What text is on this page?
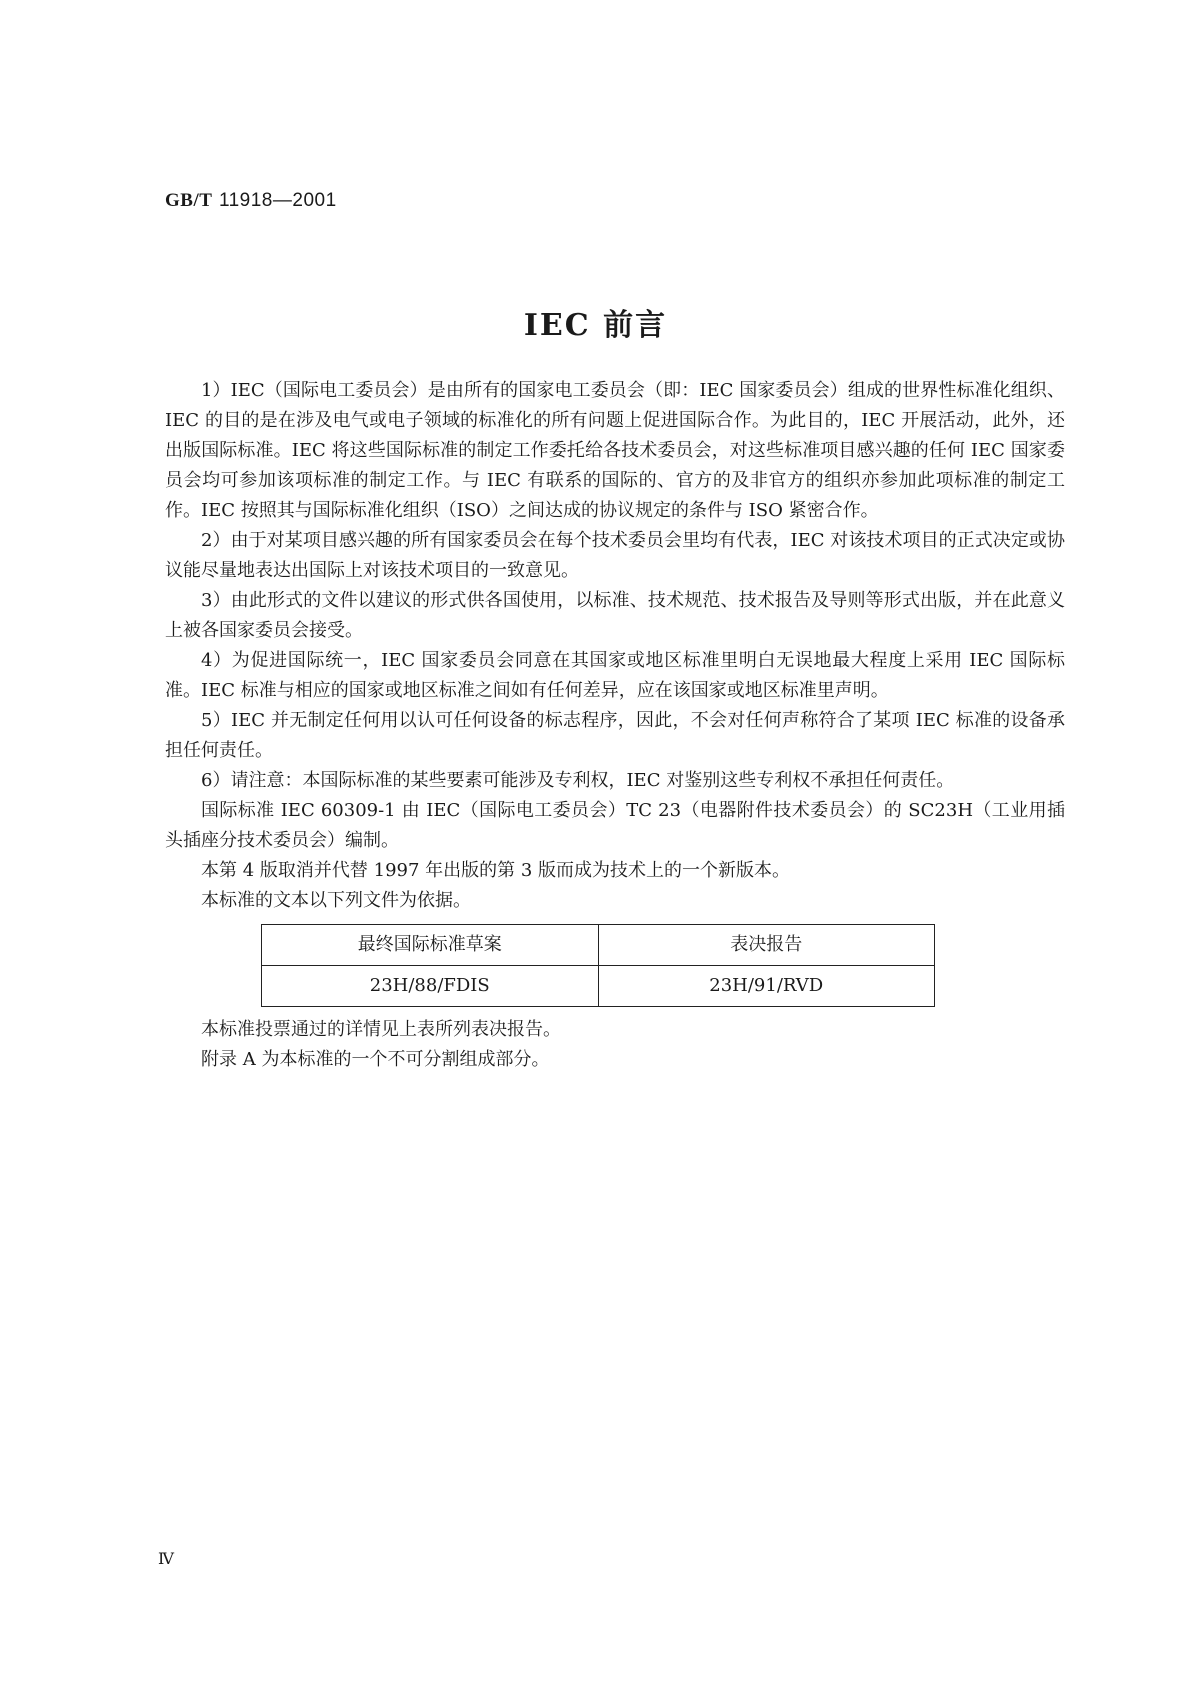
GB/T 11918—2001
IEC 前言

1）IEC（国际电工委员会）是由所有的国家电工委员会（即：IEC 国家委员会）组成的世界性标准化组织、IEC 的目的是在涉及电气或电子领域的标准化的所有问题上促进国际合作。为此目的，IEC 开展活动，此外，还出版国际标准。IEC 将这些国际标准的制定工作委托给各技术委员会，对这些标准项目感兴趣的任何 IEC 国家委员会均可参加该项标准的制定工作。与 IEC 有联系的国际的、官方的及非官方的组织亦参加此项标准的制定工作。IEC 按照其与国际标准化组织（ISO）之间达成的协议规定的条件与 ISO 紧密合作。

2）由于对某项目感兴趣的所有国家委员会在每个技术委员会里均有代表，IEC 对该技术项目的正式决定或协议能尽量地表达出国际上对该技术项目的一致意见。

3）由此形式的文件以建议的形式供各国使用，以标准、技术规范、技术报告及导则等形式出版，并在此意义上被各国家委员会接受。

4）为促进国际统一，IEC 国家委员会同意在其国家或地区标准里明白无误地最大程度上采用 IEC 国际标准。IEC 标准与相应的国家或地区标准之间如有任何差异，应在该国家或地区标准里声明。

5）IEC 并无制定任何用以认可任何设备的标志程序，因此，不会对任何声称符合了某项 IEC 标准的设备承担任何责任。

6）请注意：本国际标准的某些要素可能涉及专利权，IEC 对鉴别这些专利权不承担任何责任。

国际标准 IEC 60309-1 由 IEC（国际电工委员会）TC 23（电器附件技术委员会）的 SC23H（工业用插头插座分技术委员会）编制。

本第 4 版取消并代替 1997 年出版的第 3 版而成为技术上的一个新版本。

本标准的文本以下列文件为依据。

最终国际标准草案	表决报告
23H/88/FDIS	23H/91/RVD

本标准投票通过的详情见上表所列表决报告。

附录 A 为本标准的一个不可分割组成部分。

Ⅳ
